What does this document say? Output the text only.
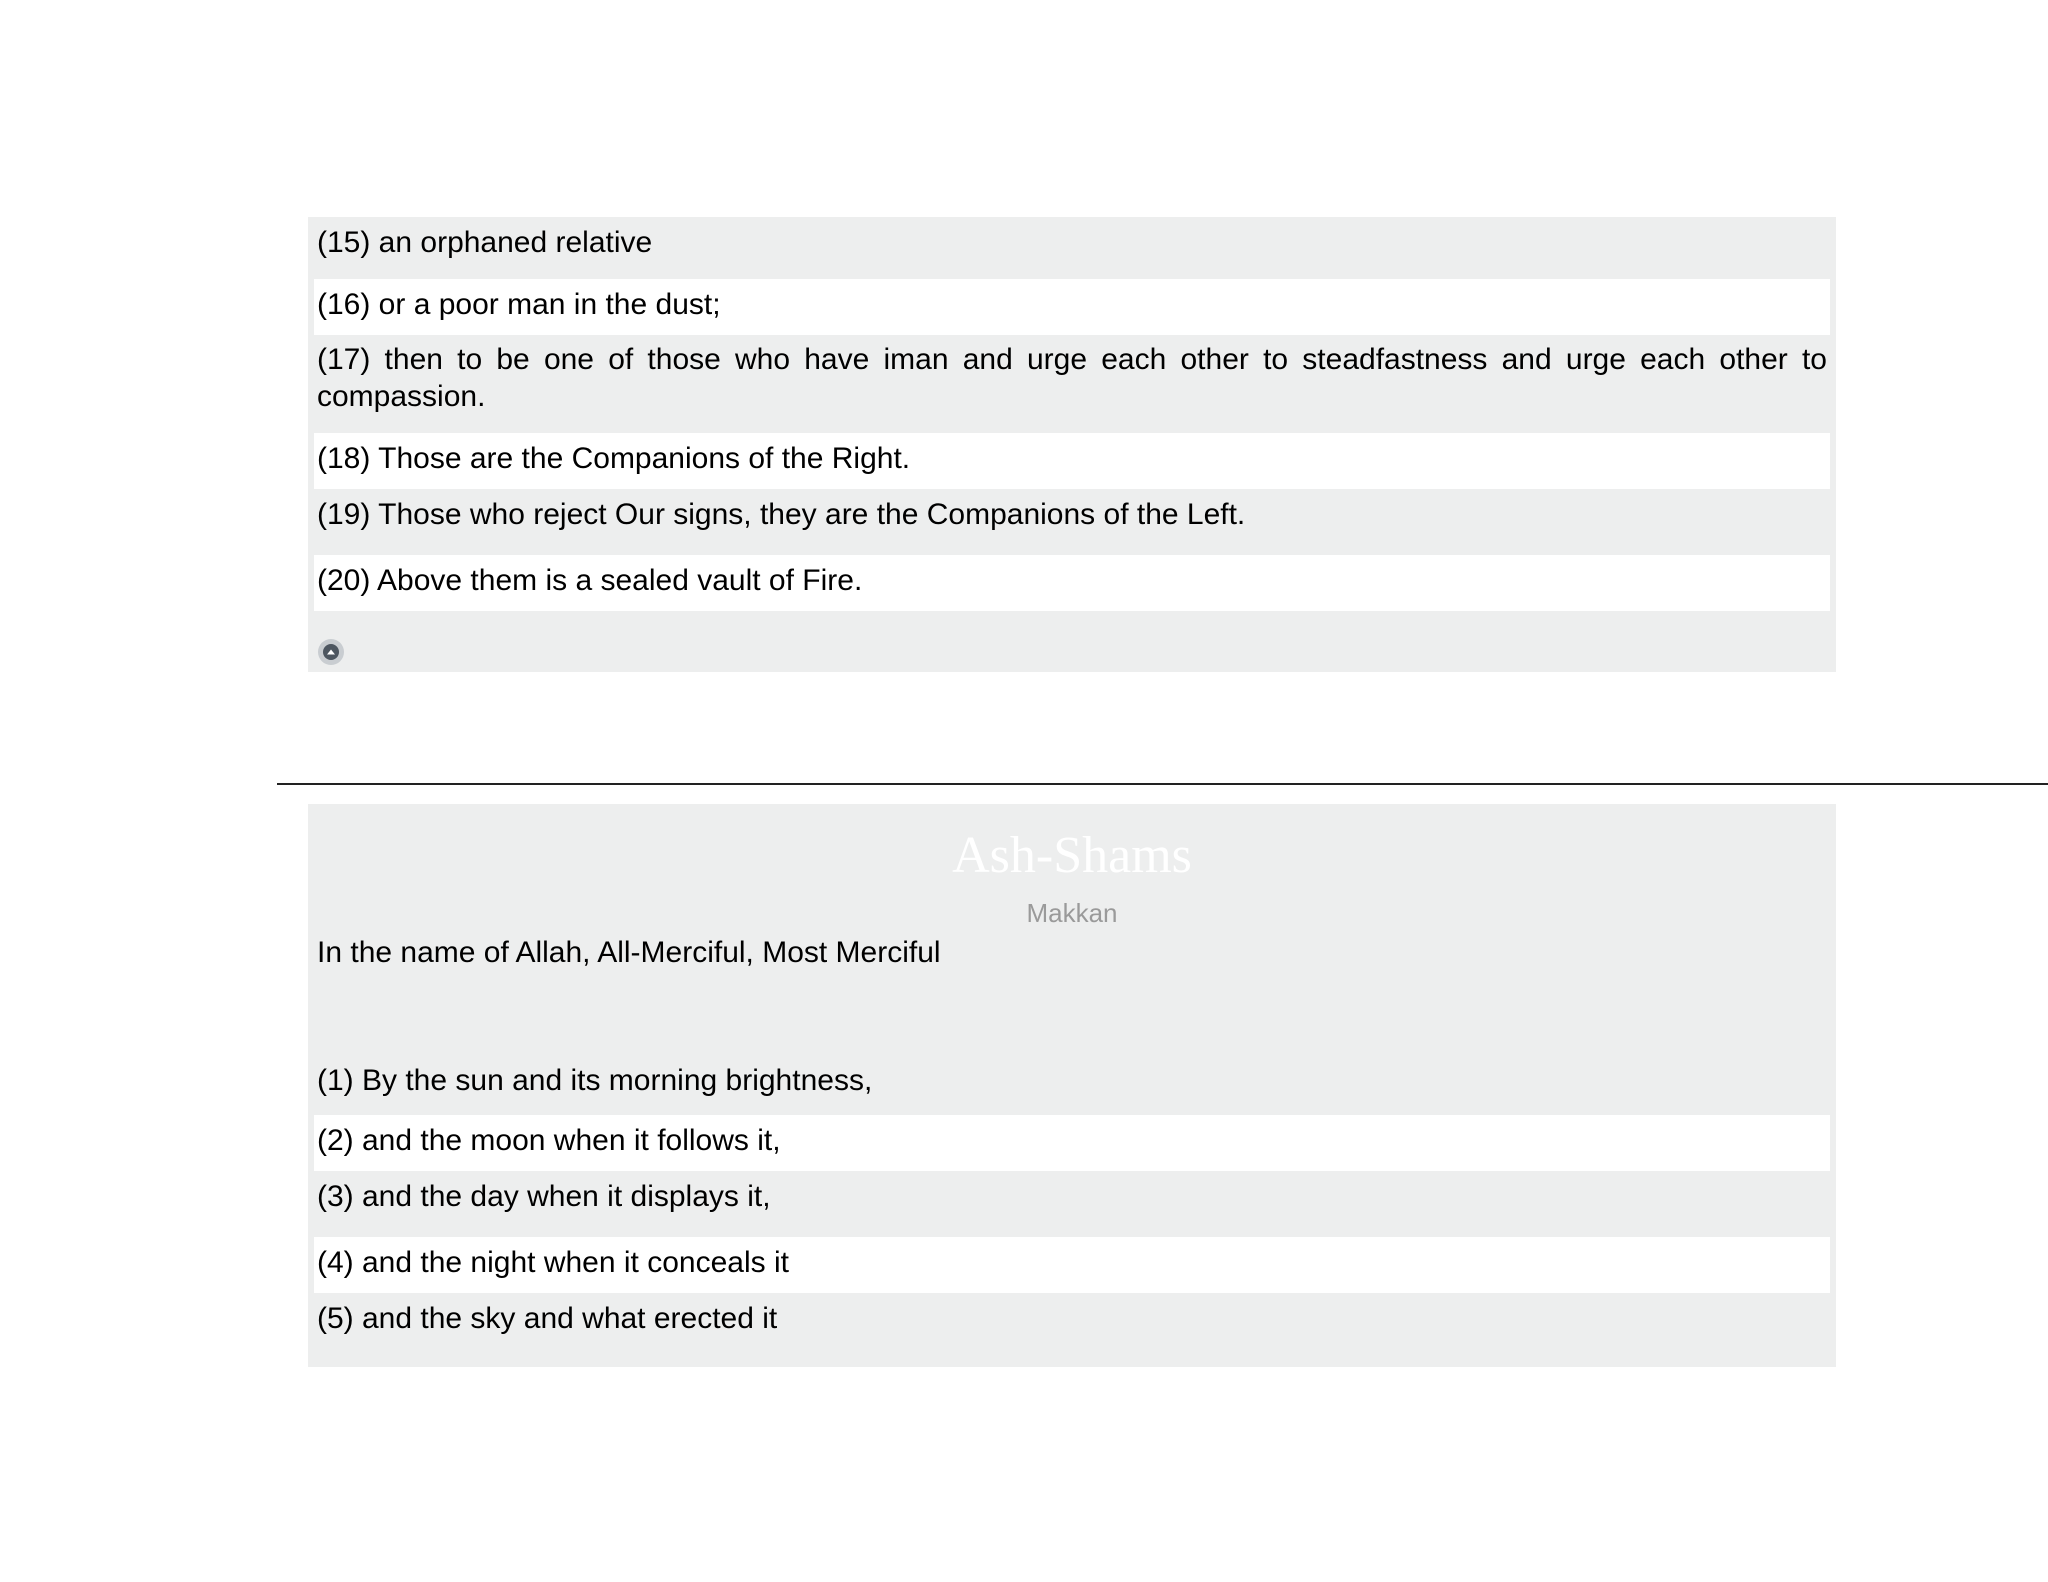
(15) an orphaned relative
(16) or a poor man in the dust;
(17) then to be one of those who have iman and urge each other to steadfastness and urge each other to compassion.
(18) Those are the Companions of the Right.
(19) Those who reject Our signs, they are the Companions of the Left.
(20) Above them is a sealed vault of Fire.
Ash-Shams
Makkan
In the name of Allah, All-Merciful, Most Merciful
(1) By the sun and its morning brightness,
(2) and the moon when it follows it,
(3) and the day when it displays it,
(4) and the night when it conceals it
(5) and the sky and what erected it
